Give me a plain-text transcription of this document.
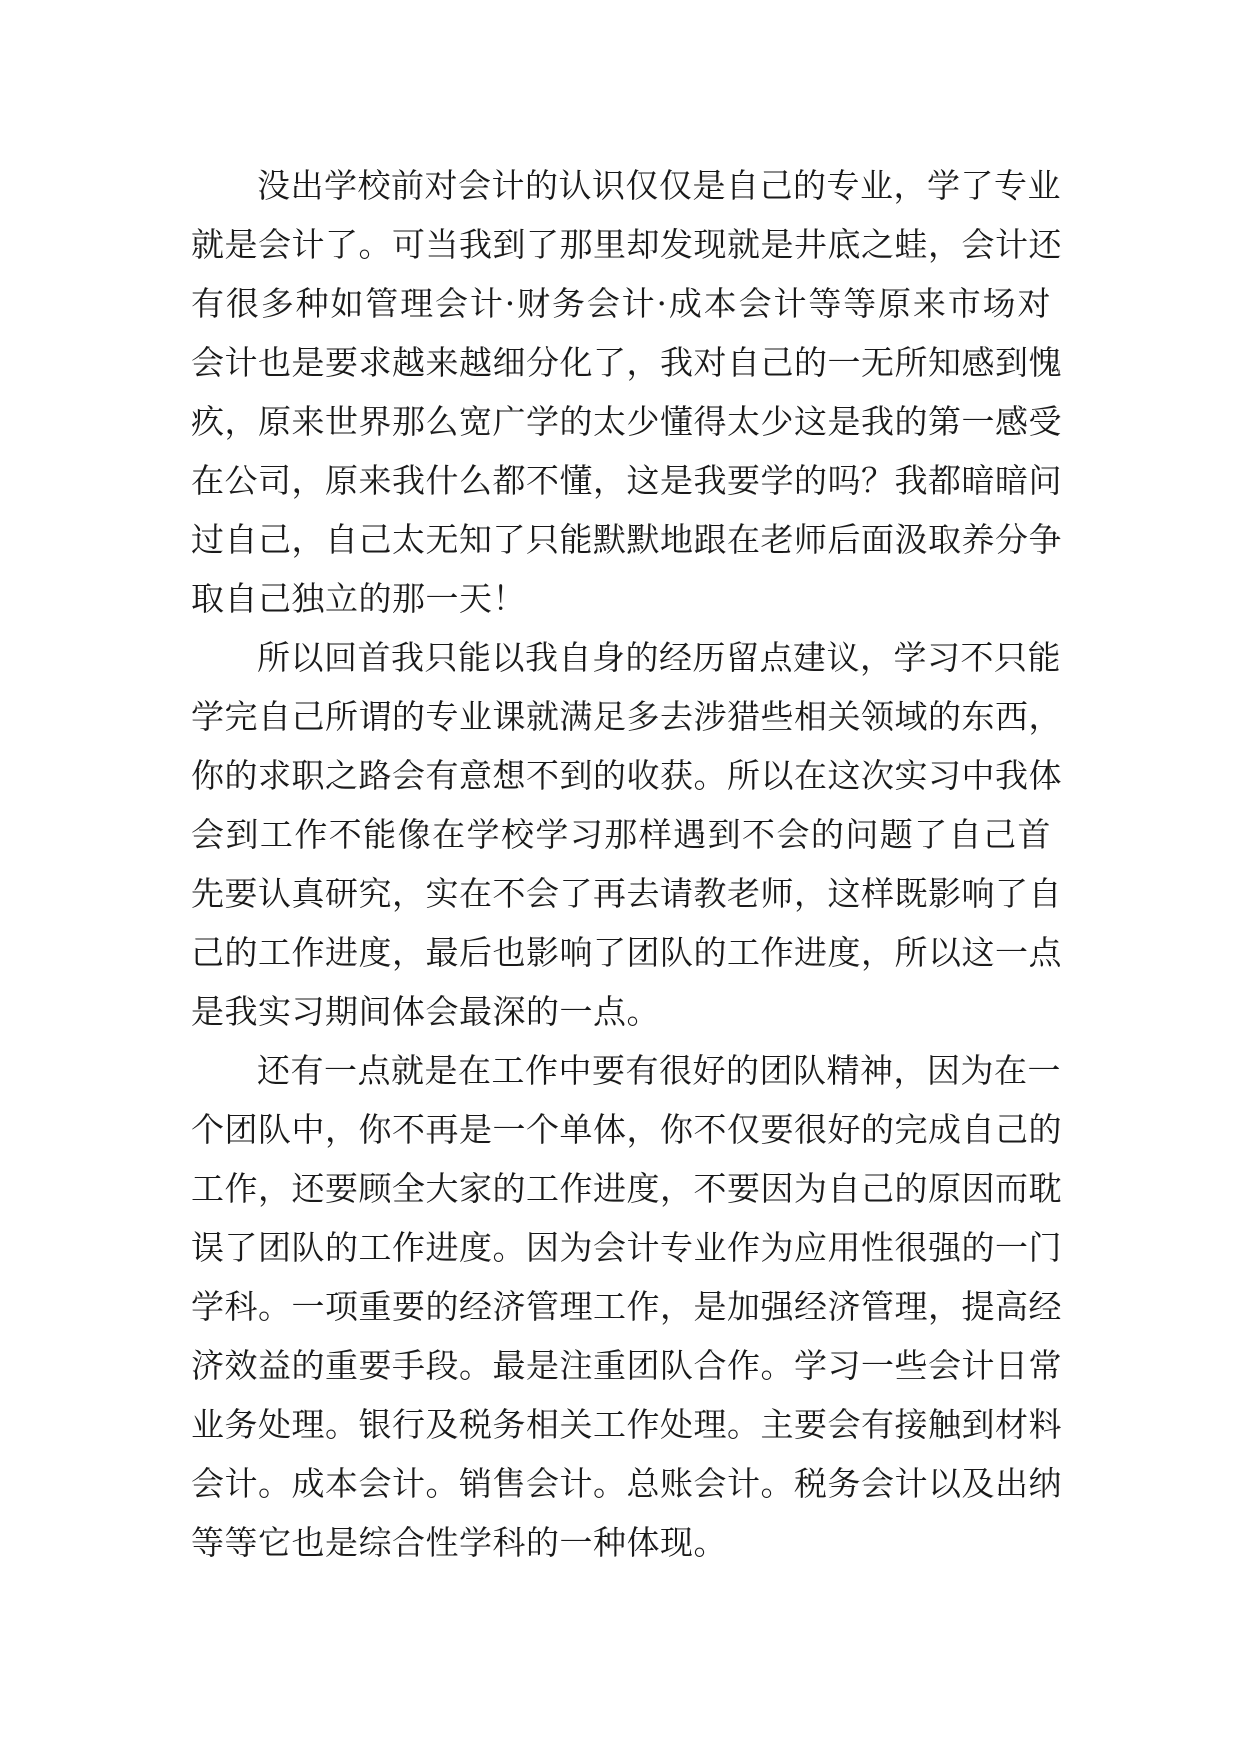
没出学校前对会计的认识仅仅是自己的专业，学了专业
就是会计了。可当我到了那里却发现就是井底之蛙，会计还
有很多种如管理会计·财务会计·成本会计等等原来市场对
会计也是要求越来越细分化了，我对自己的一无所知感到愧
疚，原来世界那么宽广学的太少懂得太少这是我的第一感受
在公司，原来我什么都不懂，这是我要学的吗？我都暗暗问
过自己，自己太无知了只能默默地跟在老师后面汲取养分争
取自己独立的那一天！
所以回首我只能以我自身的经历留点建议，学习不只能
学完自己所谓的专业课就满足多去涉猎些相关领域的东西，
你的求职之路会有意想不到的收获。所以在这次实习中我体
会到工作不能像在学校学习那样遇到不会的问题了自己首
先要认真研究，实在不会了再去请教老师，这样既影响了自
己的工作进度，最后也影响了团队的工作进度，所以这一点
是我实习期间体会最深的一点。
还有一点就是在工作中要有很好的团队精神，因为在一
个团队中，你不再是一个单体，你不仅要很好的完成自己的
工作，还要顾全大家的工作进度，不要因为自己的原因而耽
误了团队的工作进度。因为会计专业作为应用性很强的一门
学科。一项重要的经济管理工作，是加强经济管理，提高经
济效益的重要手段。最是注重团队合作。学习一些会计日常
业务处理。银行及税务相关工作处理。主要会有接触到材料
会计。成本会计。销售会计。总账会计。税务会计以及出纳
等等它也是综合性学科的一种体现。
